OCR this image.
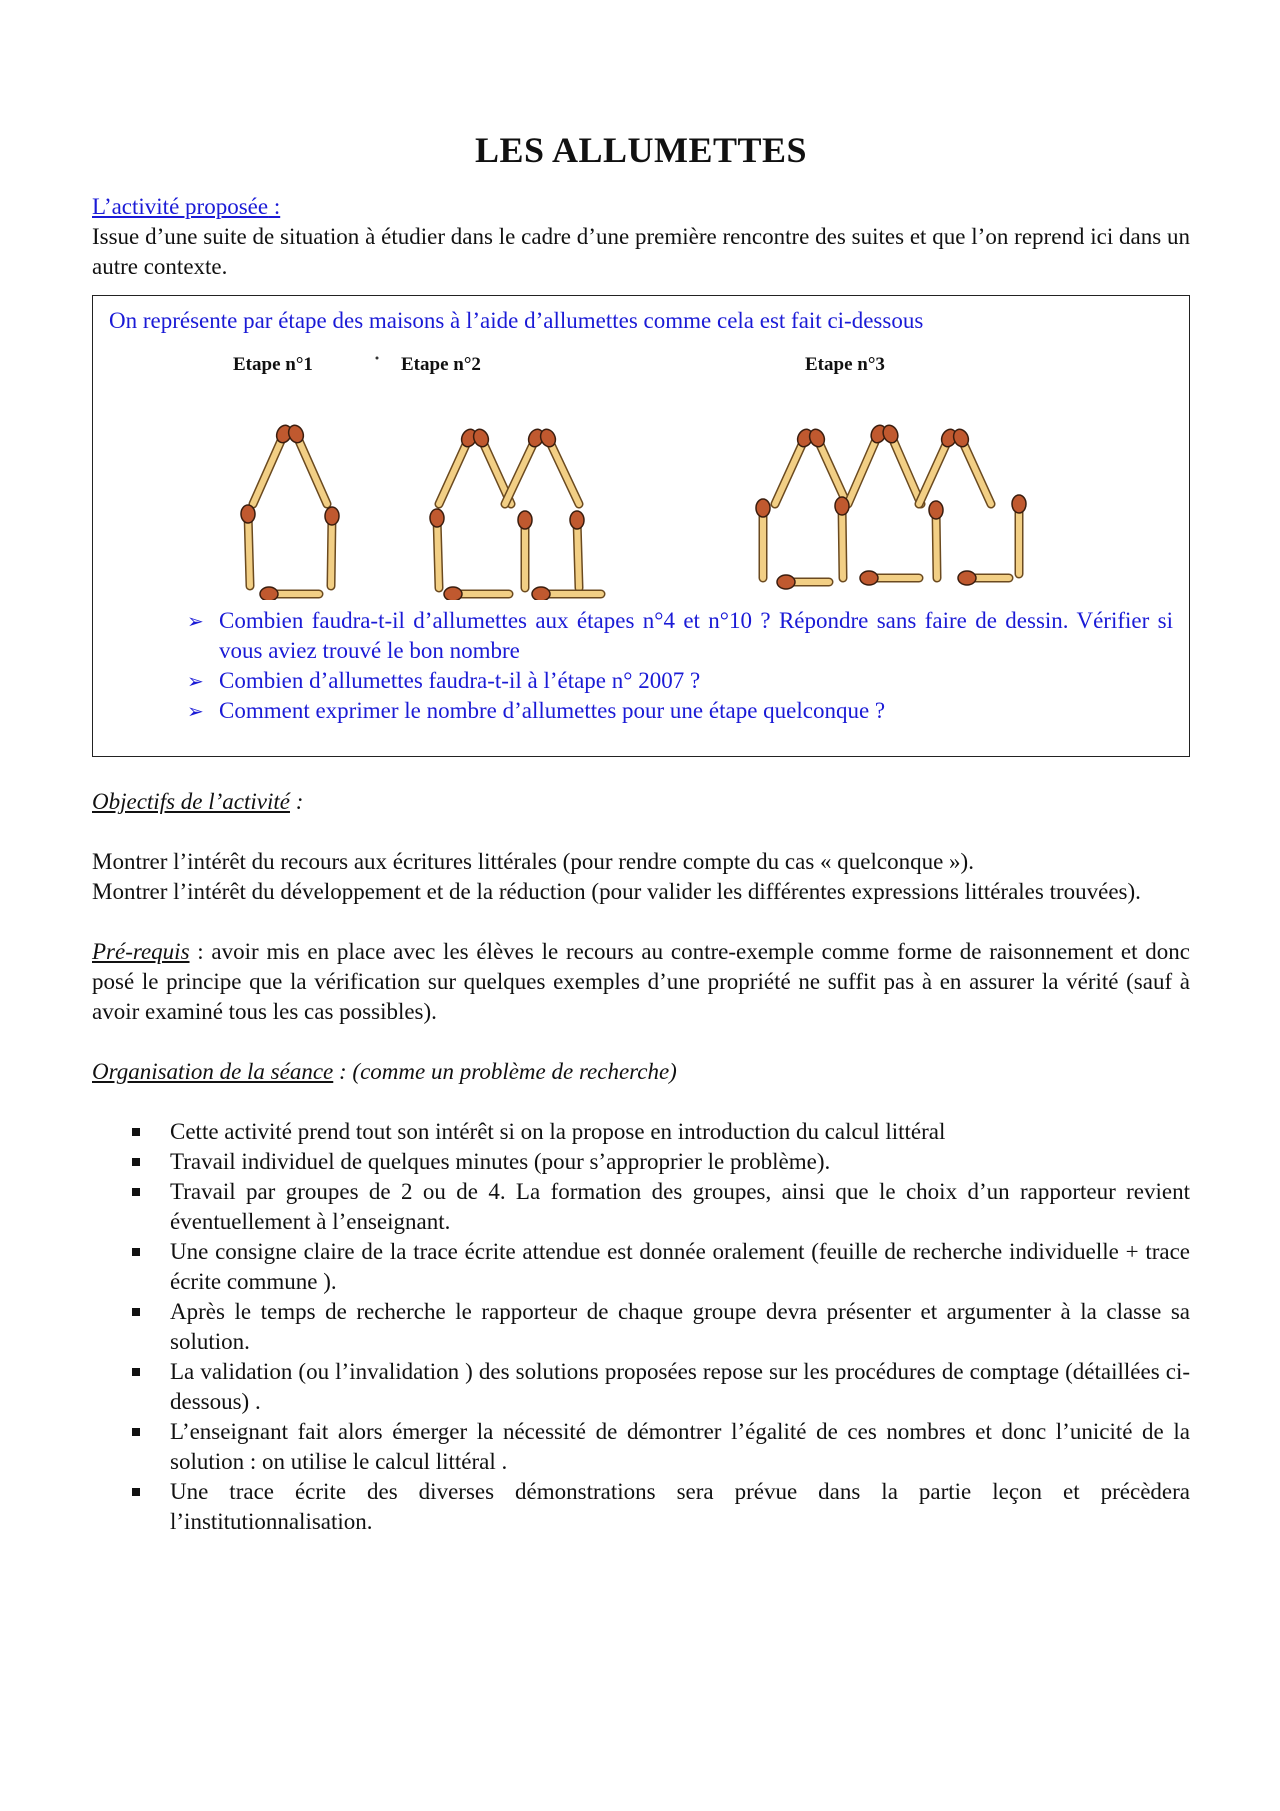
LES ALLUMETTES
L’activité proposée :

Issue d’une suite de situation à étudier dans le cadre d’une première rencontre des suites et que l’on reprend ici dans un autre contexte.

On représente par étape des maisons à l’aide d’allumettes comme cela est fait ci-dessous
Etape n°1	Etape n°2	Etape n°3
➢ Combien faudra-t-il d’allumettes aux étapes n°4 et n°10 ? Répondre sans faire de dessin. Vérifier si vous aviez trouvé le bon nombre
➢ Combien d’allumettes faudra-t-il à l’étape n° 2007 ?
➢ Comment exprimer le nombre d’allumettes pour une étape quelconque ?
Objectifs de l’activité :

Montrer l’intérêt du recours aux écritures littérales (pour rendre compte du cas « quelconque »).

Montrer l’intérêt du développement et de la réduction (pour valider les différentes expressions littérales trouvées).

Pré-requis : avoir mis en place avec les élèves le recours au contre-exemple comme forme de raisonnement et donc posé le principe que la vérification sur quelques exemples d’une propriété ne suffit pas à en assurer la vérité (sauf à avoir examiné tous les cas possibles).

Organisation de la séance : (comme un problème de recherche)
Cette activité prend tout son intérêt si on la propose en introduction du calcul littéral
Travail individuel de quelques minutes (pour s’approprier le problème).
Travail par groupes de 2 ou de 4. La formation des groupes, ainsi que le choix d’un rapporteur revient éventuellement à l’enseignant.
Une consigne claire de la trace écrite attendue est donnée oralement (feuille de recherche individuelle + trace écrite commune ).
Après le temps de recherche le rapporteur de chaque groupe devra présenter et argumenter à la classe sa solution.
La validation (ou l’invalidation ) des solutions proposées repose sur les procédures de comptage (détaillées ci-dessous) .
L’enseignant fait alors émerger la nécessité de démontrer l’égalité de ces nombres et donc l’unicité de la solution : on utilise le calcul littéral .
Une trace écrite des diverses démonstrations sera prévue dans la partie leçon et précèdera l’institutionnalisation.
